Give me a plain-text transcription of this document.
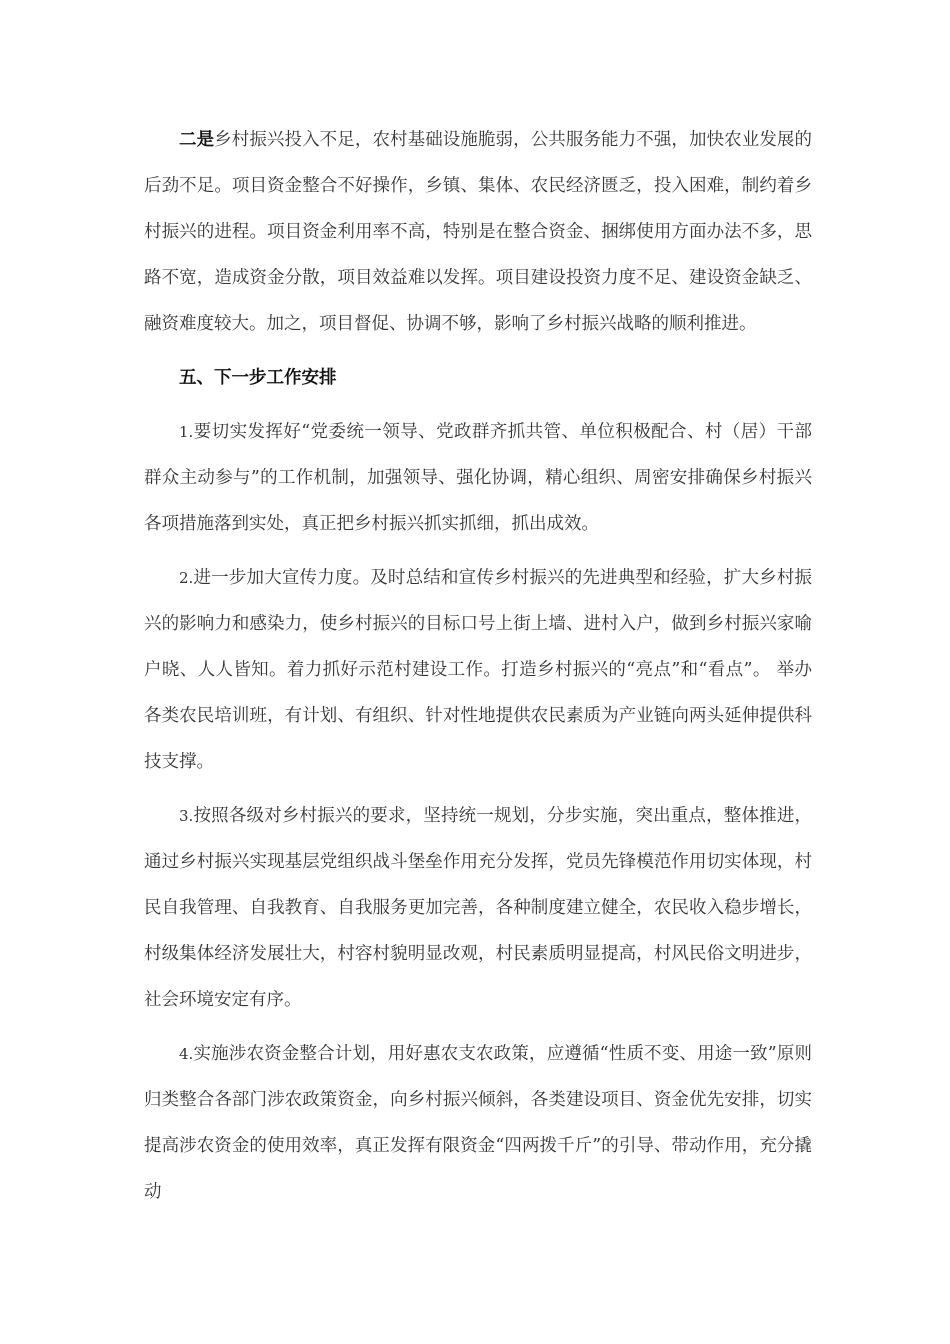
二是乡村振兴投入不足，农村基础设施脆弱，公共服务能力不强，加快农业发展的后劲不足。项目资金整合不好操作，乡镇、集体、农民经济匮乏，投入困难，制约着乡村振兴的进程。项目资金利用率不高，特别是在整合资金、捆绑使用方面办法不多，思路不宽，造成资金分散，项目效益难以发挥。项目建设投资力度不足、建设资金缺乏、融资难度较大。加之，项目督促、协调不够，影响了乡村振兴战略的顺利推进。

五、下一步工作安排

1.要切实发挥好“党委统一领导、党政群齐抓共管、单位积极配合、村（居）干部群众主动参与”的工作机制，加强领导、强化协调，精心组织、周密安排确保乡村振兴各项措施落到实处，真正把乡村振兴抓实抓细，抓出成效。

2.进一步加大宣传力度。及时总结和宣传乡村振兴的先进典型和经验，扩大乡村振兴的影响力和感染力，使乡村振兴的目标口号上街上墙、进村入户，做到乡村振兴家喻户晓、人人皆知。着力抓好示范村建设工作。打造乡村振兴的“亮点”和“看点”。 举办各类农民培训班，有计划、有组织、针对性地提供农民素质为产业链向两头延伸提供科技支撑。

3.按照各级对乡村振兴的要求，坚持统一规划，分步实施，突出重点，整体推进，通过乡村振兴实现基层党组织战斗堡垒作用充分发挥，党员先锋模范作用切实体现，村民自我管理、自我教育、自我服务更加完善，各种制度建立健全，农民收入稳步增长，村级集体经济发展壮大，村容村貌明显改观，村民素质明显提高，村风民俗文明进步，社会环境安定有序。

4.实施涉农资金整合计划，用好惠农支农政策，应遵循“性质不变、用途一致”原则归类整合各部门涉农政策资金，向乡村振兴倾斜，各类建设项目、资金优先安排，切实提高涉农资金的使用效率，真正发挥有限资金“四两拨千斤”的引导、带动作用，充分撬动
